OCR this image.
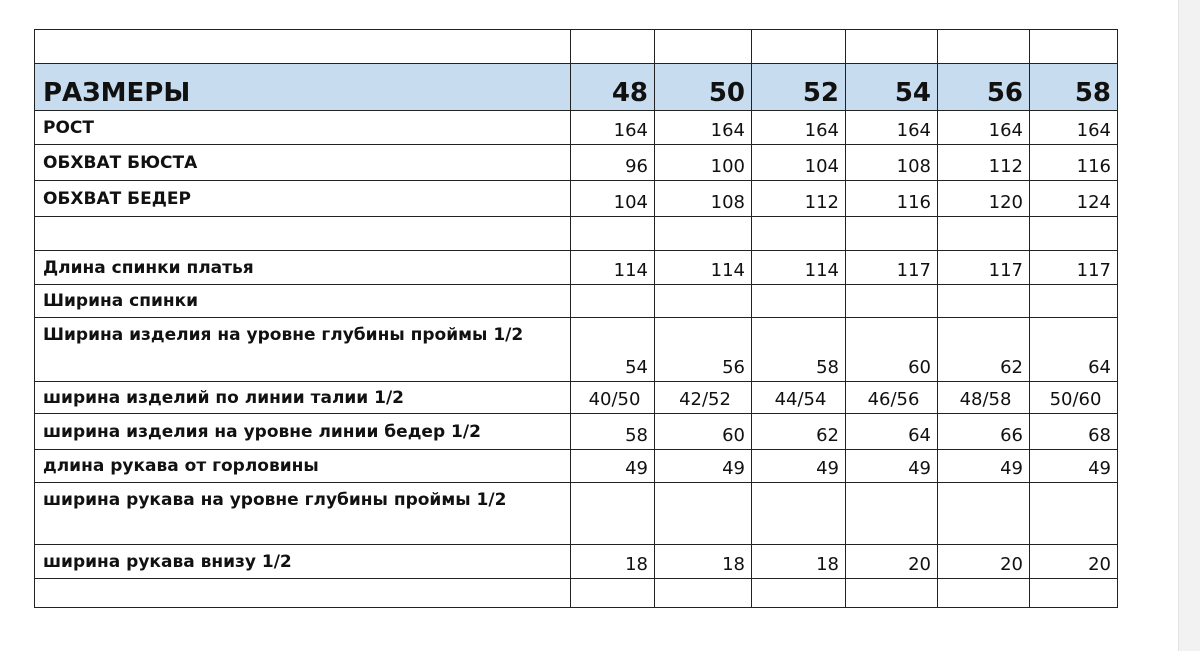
РАЗМЕРЫ	48	50	52	54	56	58
РОСТ	164	164	164	164	164	164
ОБХВАТ БЮСТА	96	100	104	108	112	116
ОБХВАТ БЕДЕР	104	108	112	116	120	124

Длина спинки платья	114	114	114	117	117	117
Ширина спинки						
Ширина изделия на уровне глубины проймы 1/2	54	56	58	60	62	64
ширина изделий по линии талии 1/2	40/50	42/52	44/54	46/56	48/58	50/60
ширина изделия на уровне линии бедер 1/2	58	60	62	64	66	68
длина рукава от горловины	49	49	49	49	49	49
ширина рукава на уровне глубины проймы 1/2						
ширина рукава внизу 1/2	18	18	18	20	20	20
